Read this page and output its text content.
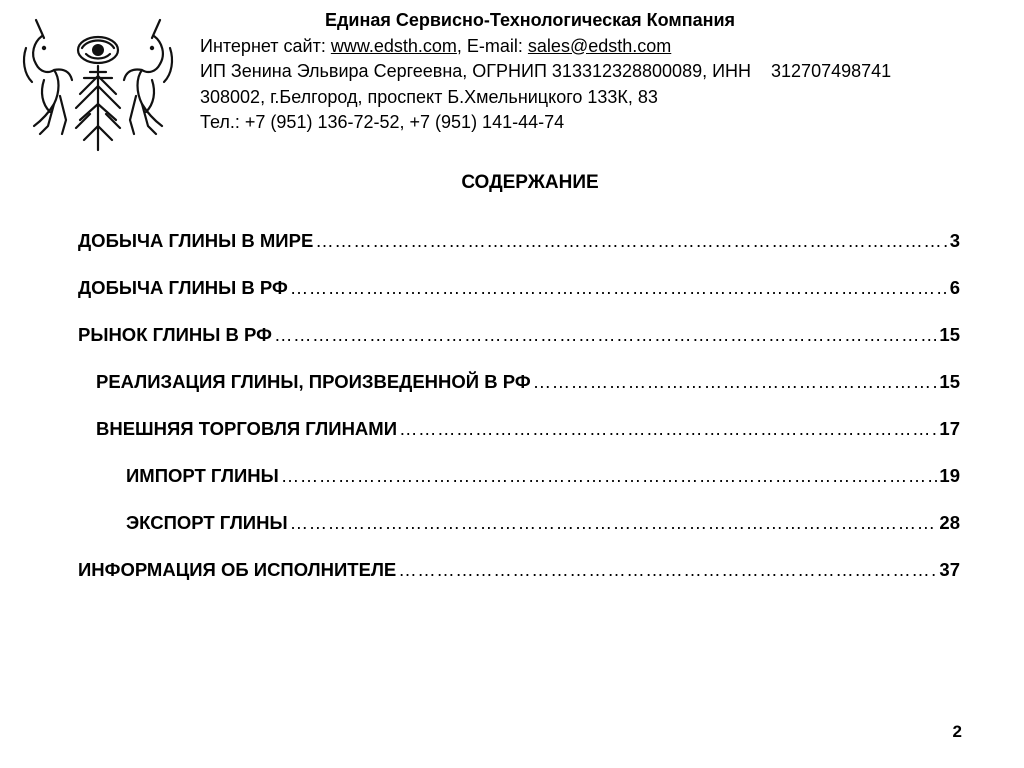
Единая Сервисно-Технологическая Компания
Интернет сайт: www.edsth.com, E-mail: sales@edsth.com
ИП Зенина Эльвира Сергеевна, ОГРНИП 313312328800089, ИНН    312707498741
308002, г.Белгород, проспект Б.Хмельницкого 133К, 83
Тел.: +7 (951) 136-72-52, +7 (951) 141-44-74
СОДЕРЖАНИЕ
ДОБЫЧА ГЛИНЫ В МИРЕ ……………………………………………………………………………………………………………………………………………………………………………………………………………………	3
ДОБЫЧА ГЛИНЫ В РФ ……………………………………………………………………………………………………………………………………………………………………………………………………………………	6
РЫНОК ГЛИНЫ В РФ ……………………………………………………………………………………………………………………………………………………………………………………………………………………	15
РЕАЛИЗАЦИЯ ГЛИНЫ, ПРОИЗВЕДЕННОЙ В РФ ……………………………………………………………………………………………………………………………………………………………………………………………………………………	15
ВНЕШНЯЯ ТОРГОВЛЯ ГЛИНАМИ ……………………………………………………………………………………………………………………………………………………………………………………………………………………	17
ИМПОРТ ГЛИНЫ ……………………………………………………………………………………………………………………………………………………………………………………………………………………	19
ЭКСПОРТ ГЛИНЫ ……………………………………………………………………………………………………………………………………………………………………………………………………………………	28
ИНФОРМАЦИЯ ОБ ИСПОЛНИТЕЛЕ ……………………………………………………………………………………………………………………………………………………………………………………………………………………	37
2
